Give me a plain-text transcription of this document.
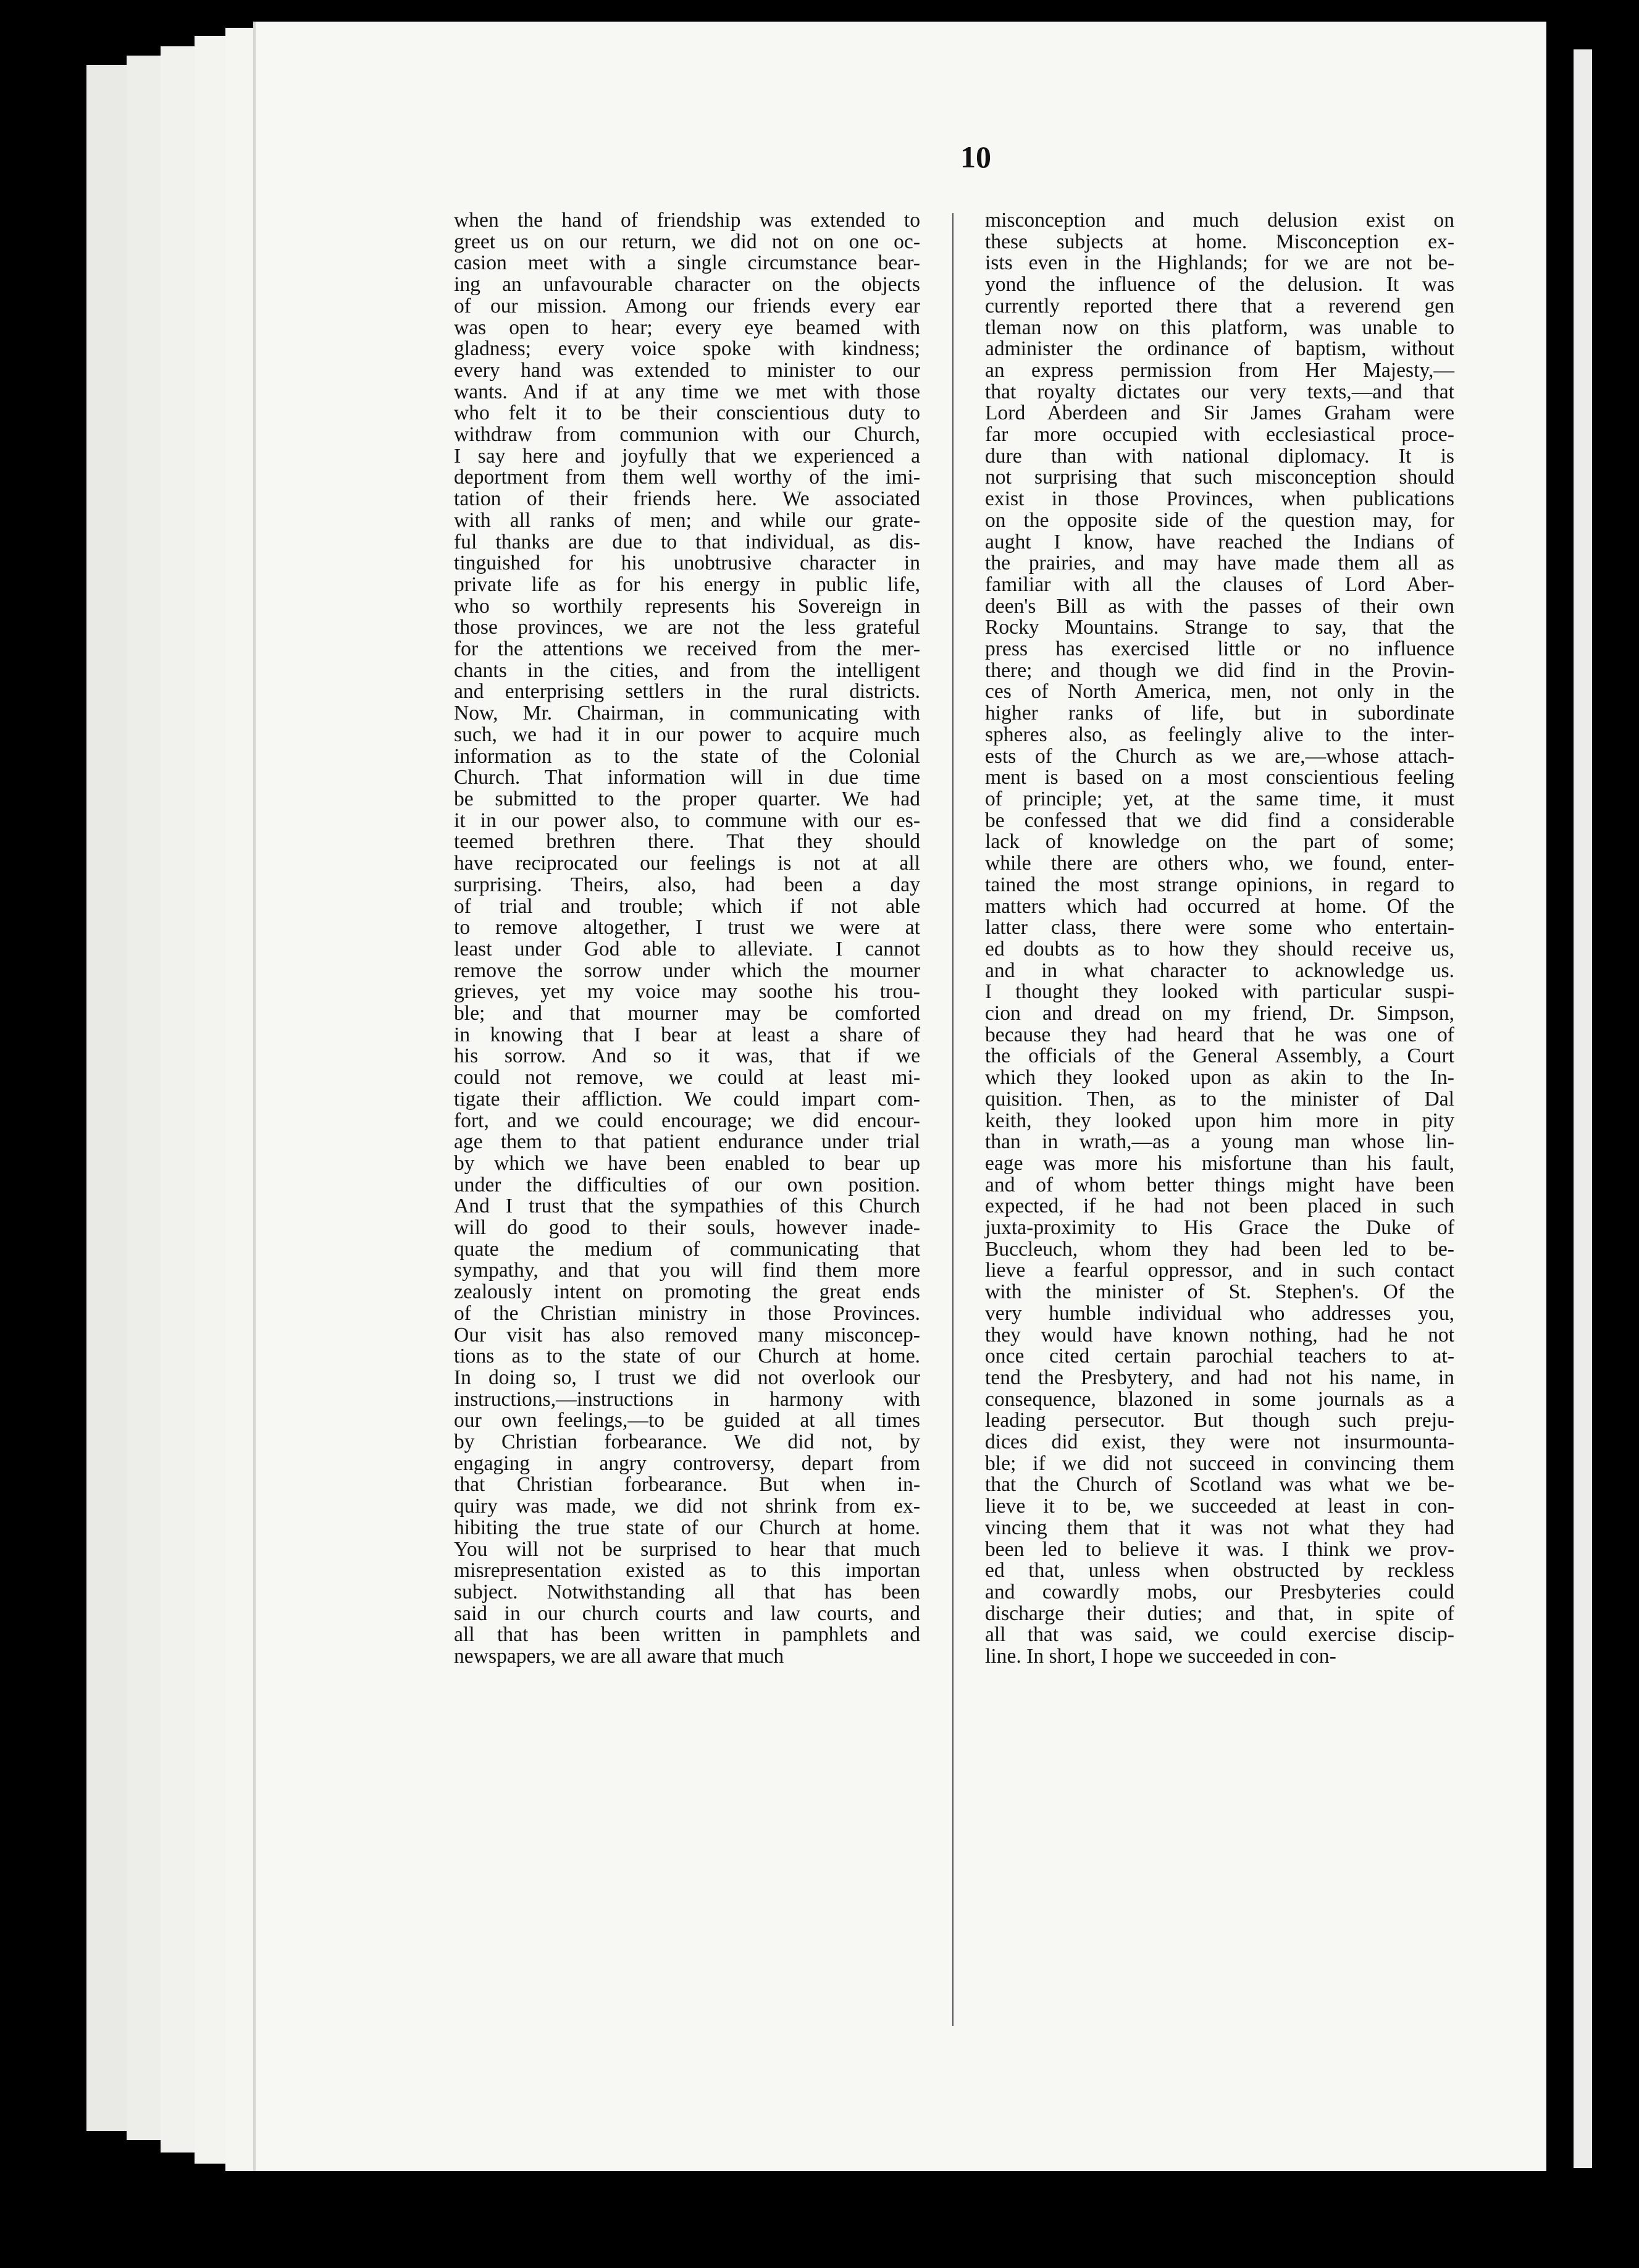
10
when the hand of friendship was extended to
greet us on our return, we did not on one oc-
casion meet with a single circumstance bear-
ing an unfavourable character on the objects
of our mission. Among our friends every ear
was open to hear; every eye beamed with
gladness; every voice spoke with kindness;
every hand was extended to minister to our
wants. And if at any time we met with those
who felt it to be their conscientious duty to
withdraw from communion with our Church,
I say here and joyfully that we experienced a
deportment from them well worthy of the imi-
tation of their friends here. We associated
with all ranks of men; and while our grate-
ful thanks are due to that individual, as dis-
tinguished for his unobtrusive character in
private life as for his energy in public life,
who so worthily represents his Sovereign in
those provinces, we are not the less grateful
for the attentions we received from the mer-
chants in the cities, and from the intelligent
and enterprising settlers in the rural districts.
Now, Mr. Chairman, in communicating with
such, we had it in our power to acquire much
information as to the state of the Colonial
Church. That information will in due time
be submitted to the proper quarter. We had
it in our power also, to commune with our es-
teemed brethren there. That they should
have reciprocated our feelings is not at all
surprising. Theirs, also, had been a day
of trial and trouble; which if not able
to remove altogether, I trust we were at
least under God able to alleviate. I cannot
remove the sorrow under which the mourner
grieves, yet my voice may soothe his trou-
ble; and that mourner may be comforted
in knowing that I bear at least a share of
his sorrow. And so it was, that if we
could not remove, we could at least mi-
tigate their affliction. We could impart com-
fort, and we could encourage; we did encour-
age them to that patient endurance under trial
by which we have been enabled to bear up
under the difficulties of our own position.
And I trust that the sympathies of this Church
will do good to their souls, however inade-
quate the medium of communicating that
sympathy, and that you will find them more
zealously intent on promoting the great ends
of the Christian ministry in those Provinces.
Our visit has also removed many misconcep-
tions as to the state of our Church at home.
In doing so, I trust we did not overlook our
instructions,—instructions in harmony with
our own feelings,—to be guided at all times
by Christian forbearance. We did not, by
engaging in angry controversy, depart from
that Christian forbearance. But when in-
quiry was made, we did not shrink from ex-
hibiting the true state of our Church at home.
You will not be surprised to hear that much
misrepresentation existed as to this importan
subject. Notwithstanding all that has been
said in our church courts and law courts, and
all that has been written in pamphlets and
newspapers, we are all aware that much
misconception and much delusion exist on
these subjects at home. Misconception ex-
ists even in the Highlands; for we are not be-
yond the influence of the delusion. It was
currently reported there that a reverend gen
tleman now on this platform, was unable to
administer the ordinance of baptism, without
an express permission from Her Majesty,—
that royalty dictates our very texts,—and that
Lord Aberdeen and Sir James Graham were
far more occupied with ecclesiastical proce-
dure than with national diplomacy. It is
not surprising that such misconception should
exist in those Provinces, when publications
on the opposite side of the question may, for
aught I know, have reached the Indians of
the prairies, and may have made them all as
familiar with all the clauses of Lord Aber-
deen's Bill as with the passes of their own
Rocky Mountains. Strange to say, that the
press has exercised little or no influence
there; and though we did find in the Provin-
ces of North America, men, not only in the
higher ranks of life, but in subordinate
spheres also, as feelingly alive to the inter-
ests of the Church as we are,—whose attach-
ment is based on a most conscientious feeling
of principle; yet, at the same time, it must
be confessed that we did find a considerable
lack of knowledge on the part of some;
while there are others who, we found, enter-
tained the most strange opinions, in regard to
matters which had occurred at home. Of the
latter class, there were some who entertain-
ed doubts as to how they should receive us,
and in what character to acknowledge us.
I thought they looked with particular suspi-
cion and dread on my friend, Dr. Simpson,
because they had heard that he was one of
the officials of the General Assembly, a Court
which they looked upon as akin to the In-
quisition. Then, as to the minister of Dal
keith, they looked upon him more in pity
than in wrath,—as a young man whose lin-
eage was more his misfortune than his fault,
and of whom better things might have been
expected, if he had not been placed in such
juxta-proximity to His Grace the Duke of
Buccleuch, whom they had been led to be-
lieve a fearful oppressor, and in such contact
with the minister of St. Stephen's. Of the
very humble individual who addresses you,
they would have known nothing, had he not
once cited certain parochial teachers to at-
tend the Presbytery, and had not his name, in
consequence, blazoned in some journals as a
leading persecutor. But though such preju-
dices did exist, they were not insurmounta-
ble; if we did not succeed in convincing them
that the Church of Scotland was what we be-
lieve it to be, we succeeded at least in con-
vincing them that it was not what they had
been led to believe it was. I think we prov-
ed that, unless when obstructed by reckless
and cowardly mobs, our Presbyteries could
discharge their duties; and that, in spite of
all that was said, we could exercise discip-
line. In short, I hope we succeeded in con-
